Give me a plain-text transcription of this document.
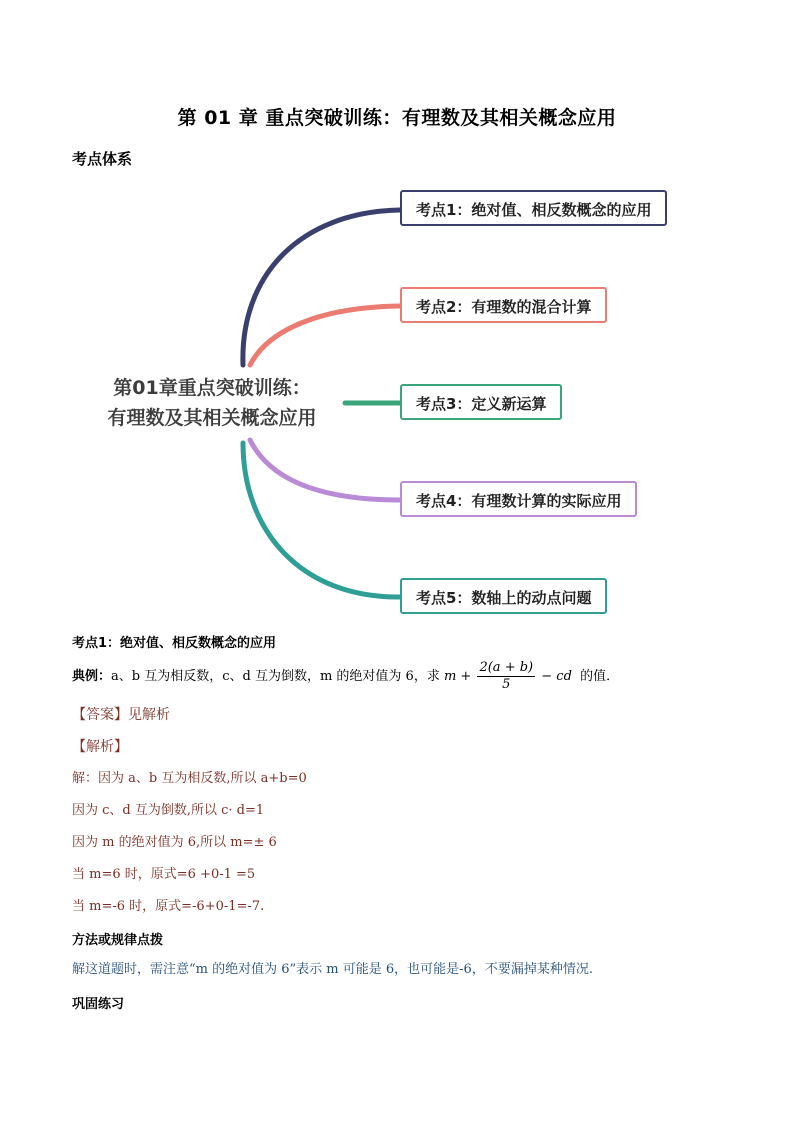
第 01 章 重点突破训练：有理数及其相关概念应用
考点体系
第01章重点突破训练：
有理数及其相关概念应用
考点1：绝对值、相反数概念的应用
考点2：有理数的混合计算
考点3：定义新运算
考点4：有理数计算的实际应用
考点5：数轴上的动点问题
考点1：绝对值、相反数概念的应用
典例：a、b 互为相反数，c、d 互为倒数，m 的绝对值为 6，求 $m + \frac{2(a + b)}{5}$ − cd 的值．
【答案】见解析
【解析】
解：因为 a、b 互为相反数,所以 a+b=0
因为 c、d 互为倒数,所以 c· d=1
因为 m 的绝对值为 6,所以 m=± 6
当 m=6 时，原式=6 +0-1 =5
当 m=-6 时，原式=-6+0-1=-7.
方法或规律点拨
解这道题时，需注意“m 的绝对值为 6”表示 m 可能是 6，也可能是-6，不要漏掉某种情况.
巩固练习
